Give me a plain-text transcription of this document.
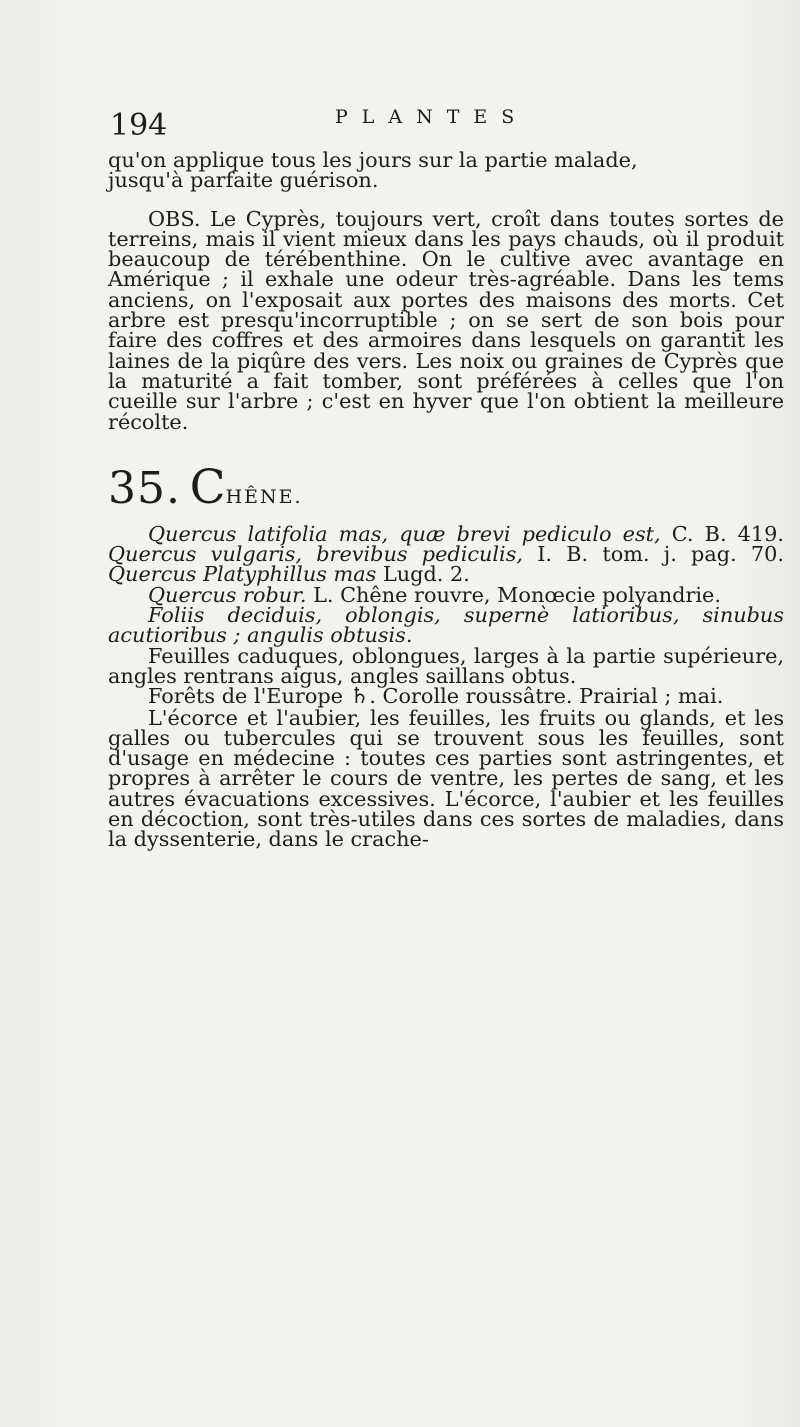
194	PLANTES

qu'on applique tous les jours sur la partie malade,

jusqu'à parfaite guérison.

OBS. Le Cyprès, toujours vert, croît dans toutes sortes de terreins, mais il vient mieux dans les pays chauds, où il produit beaucoup de térébenthine. On le cultive avec avantage en Amérique ; il exhale une odeur très-agréable. Dans les tems anciens, on l'exposait aux portes des maisons des morts. Cet arbre est presqu'incorruptible ; on se sert de son bois pour faire des coffres et des armoires dans lesquels on garantit les laines de la piqûre des vers. Les noix ou graines de Cyprès que la maturité a fait tomber, sont préférées à celles que l'on cueille sur l'arbre ; c'est en hyver que l'on obtient la meilleure récolte.

35. CHÊNE.

Quercus latifolia mas, quæ brevi pediculo est, C. B. 419. Quercus vulgaris, brevibus pediculis, I. B. tom. j. pag. 70. Quercus Platyphillus mas Lugd. 2.

Quercus robur. L. Chêne rouvre, Monœcie polyandrie.

Foliis deciduis, oblongis, supernè latioribus, sinubus acutioribus ; angulis obtusis.

Feuilles caduques, oblongues, larges à la partie supérieure, angles rentrans aigus, angles saillans obtus.

Forêts de l'Europe ♄. Corolle roussâtre. Prairial ; mai.

L'écorce et l'aubier, les feuilles, les fruits ou glands, et les galles ou tubercules qui se trouvent sous les feuilles, sont d'usage en médecine : toutes ces parties sont astringentes, et propres à arrêter le cours de ventre, les pertes de sang, et les autres évacuations excessives. L'écorce, l'aubier et les feuilles en décoction, sont très-utiles dans ces sortes de maladies, dans la dyssenterie, dans le crache-
